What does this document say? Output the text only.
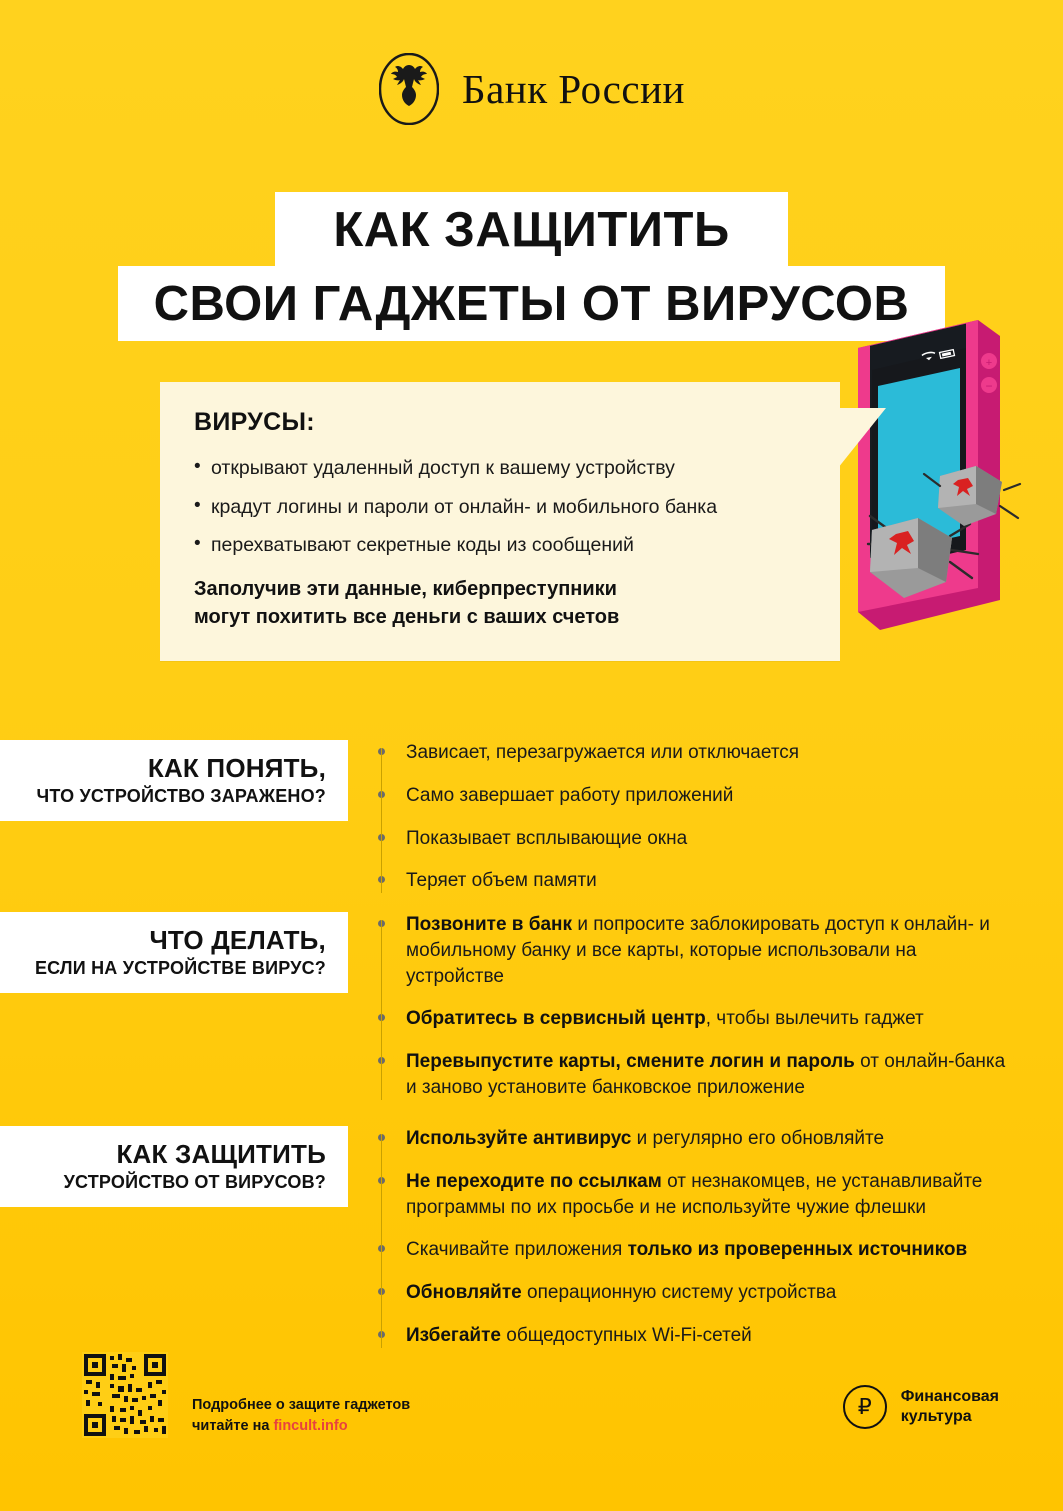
Банк России
КАК ЗАЩИТИТЬ
СВОИ ГАДЖЕТЫ ОТ ВИРУСОВ
+
−
ВИРУСЫ:
• открывают удаленный доступ к вашему устройству
• крадут логины и пароли от онлайн- и мобильного банка
• перехватывают секретные коды из сообщений
Заполучив эти данные, киберпреступники
могут похитить все деньги с ваших счетов
КАК ПОНЯТЬ,
ЧТО УСТРОЙСТВО ЗАРАЖЕНО?
Зависает, перезагружается или отключается
Само завершает работу приложений
Показывает всплывающие окна
Теряет объем памяти
ЧТО ДЕЛАТЬ,
ЕСЛИ НА УСТРОЙСТВЕ ВИРУС?
Позвоните в банк и попросите заблокировать доступ к онлайн- и мобильному банку и все карты, которые использовали на устройстве
Обратитесь в сервисный центр, чтобы вылечить гаджет
Перевыпустите карты, смените логин и пароль от онлайн-банка и заново установите банковское приложение
КАК ЗАЩИТИТЬ
УСТРОЙСТВО ОТ ВИРУСОВ?
Используйте антивирус и регулярно его обновляйте
Не переходите по ссылкам от незнакомцев, не устанавливайте программы по их просьбе и не используйте чужие флешки
Скачивайте приложения только из проверенных источников
Обновляйте операционную систему устройства
Избегайте общедоступных Wi-Fi-сетей
Подробнее о защите гаджетов
читайте на fincult.info
₽	Финансовая
культура
